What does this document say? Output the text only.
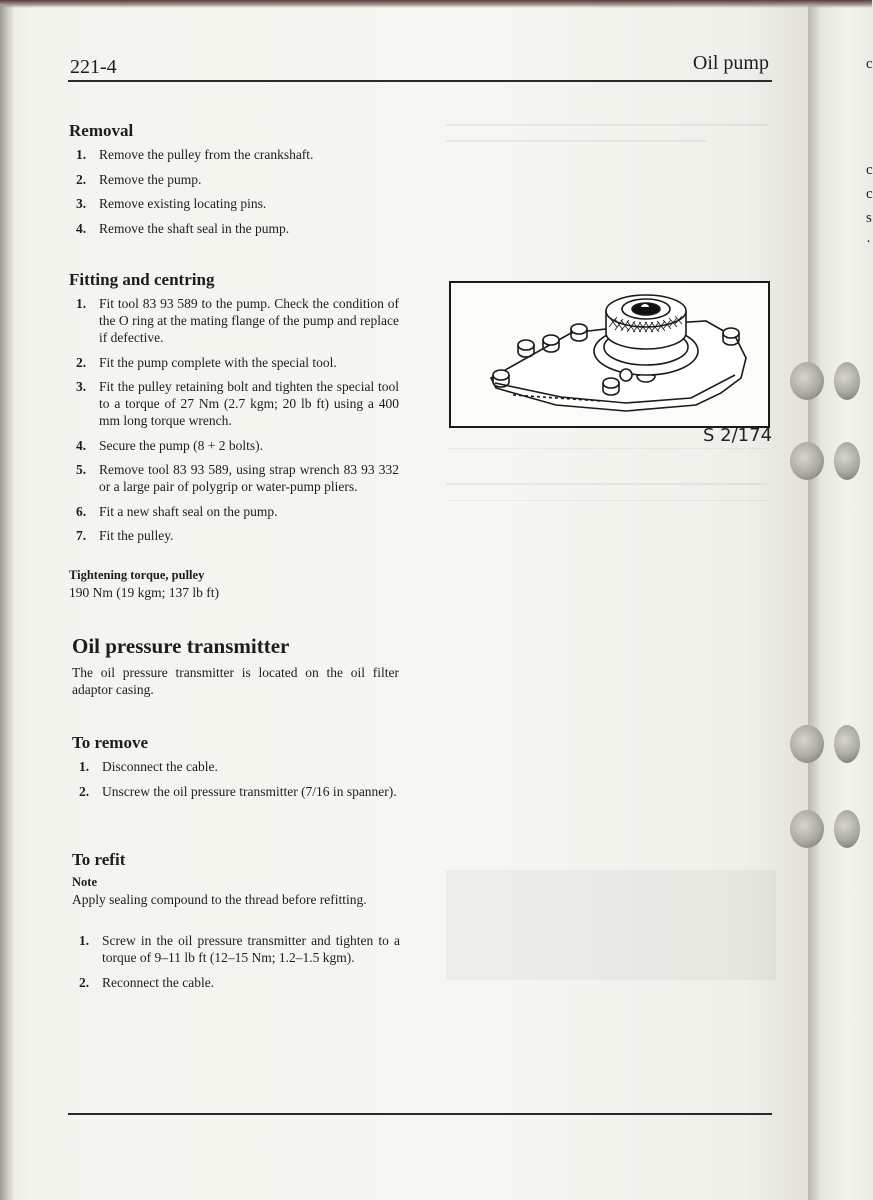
c
c
c
s
·
221-4	Oil pump
Removal
1. Remove the pulley from the crankshaft.
2. Remove the pump.
3. Remove existing locating pins.
4. Remove the shaft seal in the pump.
Fitting and centring
1. Fit tool 83 93 589 to the pump. Check the condition of the O ring at the mating flange of the pump and replace if defective.
2. Fit the pump complete with the special tool.
3. Fit the pulley retaining bolt and tighten the special tool to a torque of 27 Nm (2.7 kgm; 20 lb ft) using a 400 mm long torque wrench.
4. Secure the pump (8 + 2 bolts).
5. Remove tool 83 93 589, using strap wrench 83 93 332 or a large pair of polygrip or water-pump pliers.
6. Fit a new shaft seal on the pump.
7. Fit the pulley.
Tightening torque, pulley
190 Nm (19 kgm; 137 lb ft)
Oil pressure transmitter

The oil pressure transmitter is located on the oil filter adaptor casing.

To remove
1. Disconnect the cable.
2. Unscrew the oil pressure transmitter (7/16 in spanner).
To refit
Note

Apply sealing compound to the thread before refitting.

1. Screw in the oil pressure transmitter and tighten to a torque of 9–11 lb ft (12–15 Nm; 1.2–1.5 kgm).
2. Reconnect the cable.
S 2/174
